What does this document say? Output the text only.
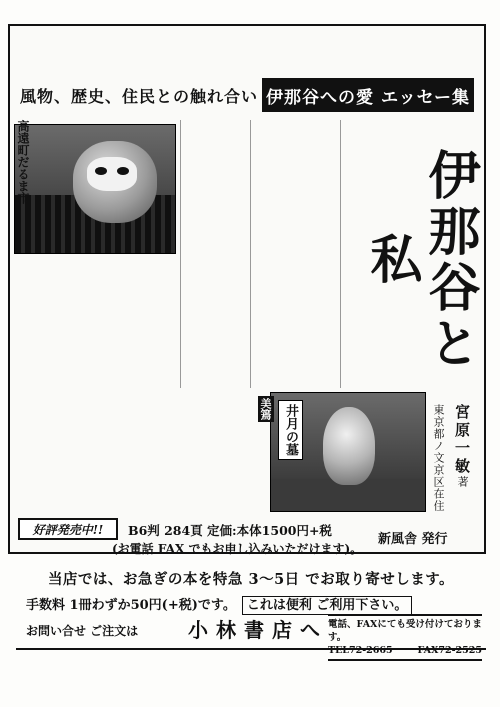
風物、歴史、住民との触れ合い 伊那谷への愛 エッセー集
高遠町だるま市	伊那谷と私
宮原一敏著
東京都ノ文京区在住
美篶 井月の墓
好評発売中!!	B6判 284頁 定価:本体1500円+税
(お電話 FAX でもお申し込みいただけます)。
新風舎 発行
当店では、お急ぎの本を特急 3～5日 でお取り寄せします。
手数料 1冊わずか50円(+税)です。 これは便利 ご利用下さい。
お問い合せ ご注文は 小林書店へ 電話、FAXにても受け付けております。
TEL72-2665	FAX72-2525
